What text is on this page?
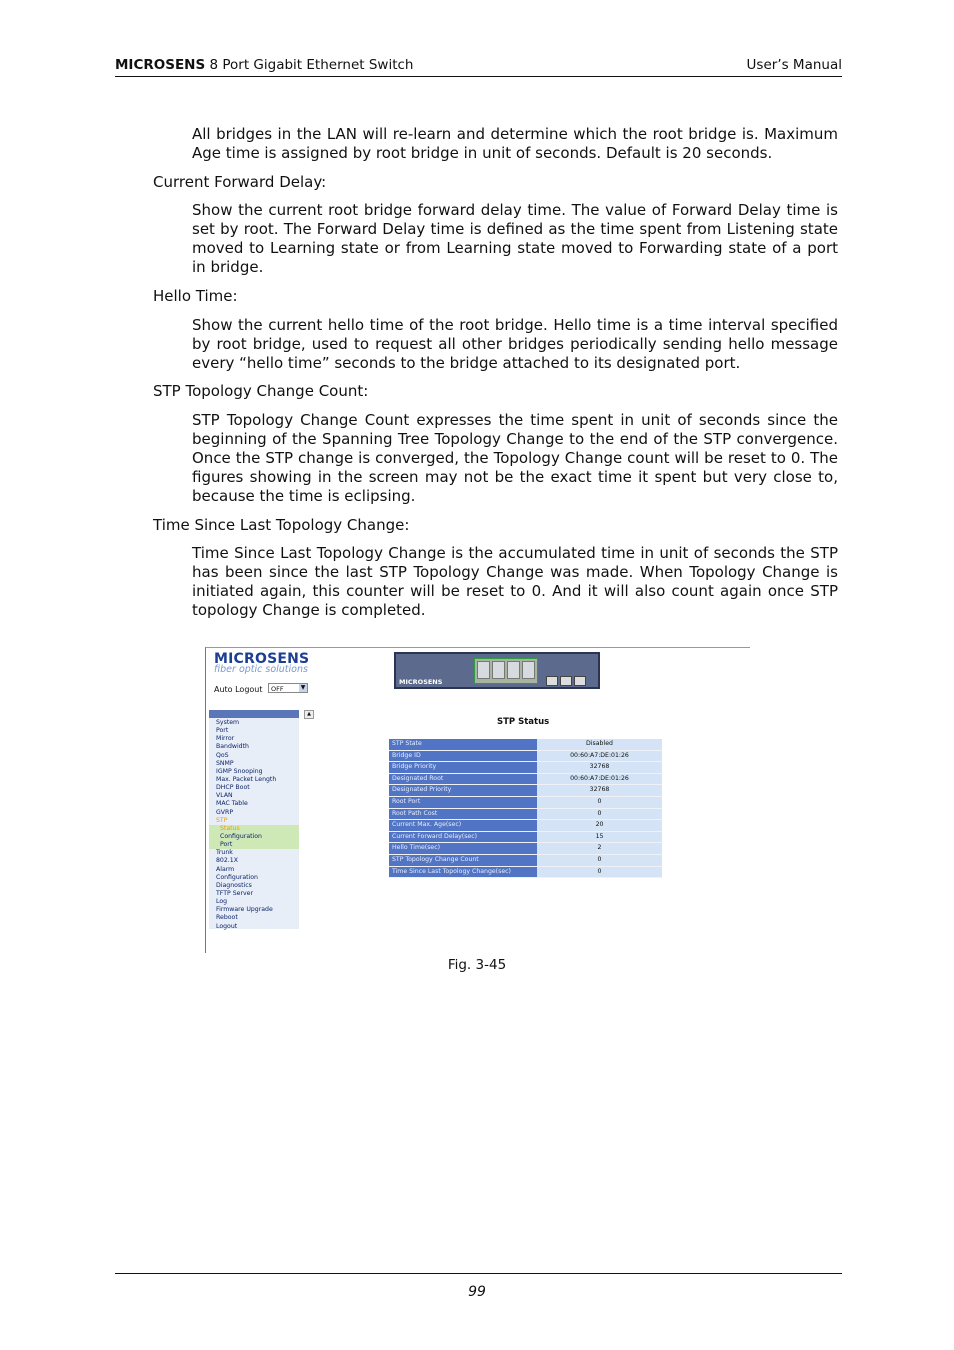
MICROSENS 8 Port Gigabit Ethernet Switch	User’s Manual
All bridges in the LAN will re-learn and determine which the root bridge is. Maximum Age time is assigned by root bridge in unit of seconds. Default is 20 seconds.
Current Forward Delay:
Show the current root bridge forward delay time. The value of Forward Delay time is set by root. The Forward Delay time is defined as the time spent from Listening state moved to Learning state or from Learning state moved to Forwarding state of a port in bridge.
Hello Time:
Show the current hello time of the root bridge. Hello time is a time interval specified by root bridge, used to request all other bridges periodically sending hello message every “hello time” seconds to the bridge attached to its designated port.
STP Topology Change Count:
STP Topology Change Count expresses the time spent in unit of seconds since the beginning of the Spanning Tree Topology Change to the end of the STP convergence. Once the STP change is converged, the Topology Change count will be reset to 0. The figures showing in the screen may not be the exact time it spent but very close to, because the time is eclipsing.
Time Since Last Topology Change:
Time Since Last Topology Change is the accumulated time in unit of seconds the STP has been since the last STP Topology Change was made. When Topology Change is initiated again, this counter will be reset to 0. And it will also count again once STP topology Change is completed.
MICROSENS
fiber optic solutions
Auto Logout	OFF	▼
MICROSENS
▲
System
Port
Mirror
Bandwidth
QoS
SNMP
IGMP Snooping
Max. Packet Length
DHCP Boot
VLAN
MAC Table
GVRP
STP
Status
Configuration
Port
Trunk
802.1X
Alarm
Configuration
Diagnostics
TFTP Server
Log
Firmware Upgrade
Reboot
Logout
STP Status
STP State	Disabled
Bridge ID	00:60:A7:DE:01:26
Bridge Priority	32768
Designated Root	00:60:A7:DE:01:26
Designated Priority	32768
Root Port	0
Root Path Cost	0
Current Max. Age(sec)	20
Current Forward Delay(sec)	15
Hello Time(sec)	2
STP Topology Change Count	0
Time Since Last Topology Change(sec)	0
Fig. 3-45
99
